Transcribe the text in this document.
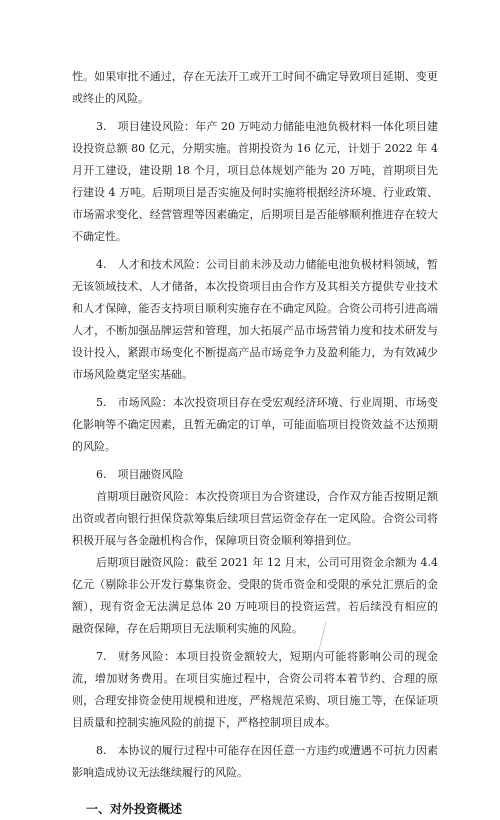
性。如果审批不通过，存在无法开工或开工时间不确定导致项目延期、变更或终止的风险。

3.　项目建设风险：年产 20 万吨动力储能电池负极材料一体化项目建设投资总额 80 亿元，分期实施。首期投资为 16 亿元，计划于 2022 年 4 月开工建设，建设期 18 个月，项目总体规划产能为 20 万吨，首期项目先行建设 4 万吨。后期项目是否实施及何时实施将根据经济环境、行业政策、市场需求变化、经营管理等因素确定，后期项目是否能够顺利推进存在较大不确定性。

4.　人才和技术风险：公司目前未涉及动力储能电池负极材料领域，暂无该领域技术、人才储备，本次投资项目由合作方及其相关方提供专业技术和人才保障，能否支持项目顺利实施存在不确定风险。合资公司将引进高端人才，不断加强品牌运营和管理，加大拓展产品市场营销力度和技术研发与设计投入，紧跟市场变化不断提高产品市场竞争力及盈利能力，为有效减少市场风险奠定坚实基础。

5.　市场风险：本次投资项目存在受宏观经济环境、行业周期、市场变化影响等不确定因素，且暂无确定的订单，可能面临项目投资效益不达预期的风险。

6.　项目融资风险

首期项目融资风险：本次投资项目为合资建设，合作双方能否按期足额出资或者向银行担保贷款筹集后续项目营运资金存在一定风险。合资公司将积极开展与各金融机构合作，保障项目资金顺利筹措到位。

后期项目融资风险：截至 2021 年 12 月末，公司可用资金余额为 4.4 亿元（剔除非公开发行募集资金、受限的货币资金和受限的承兑汇票后的金额），现有资金无法满足总体 20 万吨项目的投资运营。若后续没有相应的融资保障，存在后期项目无法顺利实施的风险。

7.　财务风险：本项目投资金额较大，短期内可能将影响公司的现金流，增加财务费用。在项目实施过程中，合资公司将本着节约、合理的原则，合理安排资金使用规模和进度，严格规范采购、项目施工等，在保证项目质量和控制实施风险的前提下，严格控制项目成本。

8.　本协议的履行过程中可能存在因任意一方违约或遭遇不可抗力因素影响造成协议无法继续履行的风险。

一、对外投资概述
